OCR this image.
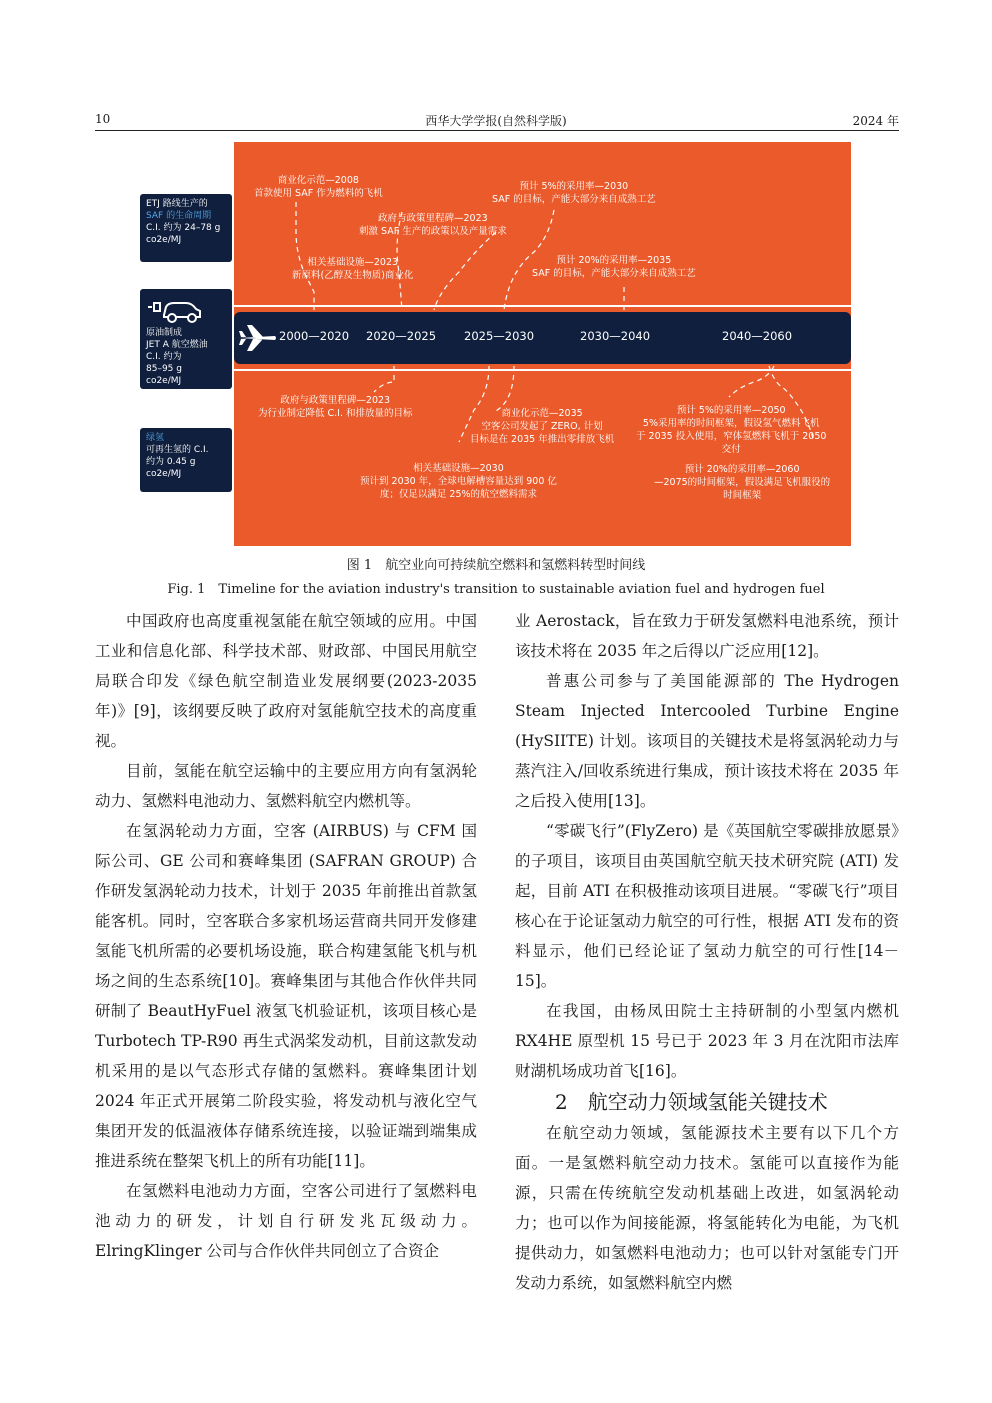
10	西华大学学报(自然科学版)	2024 年
ETJ 路线生产的
SAF 的生命周期
C.I. 约为 24–78 g
co2e/MJ
原油制成
JET A 航空燃油
C.I. 约为
85–95 g
co2e/MJ
绿氢
可再生氢的 C.I.
约为 0.45 g
co2e/MJ
商业化示范—2008
首款使用 SAF 作为燃料的飞机
政府与政策里程碑—2023
刺激 SAF 生产的政策以及产量需求
相关基础设施—2023
新原料(乙醇及生物质)商业化
预计 5%的采用率—2030
SAF 的目标，产能大部分来自成熟工艺
预计 20%的采用率—2035
SAF 的目标，产能大部分来自成熟工艺
2000—2020 2020—2025 2025—2030	2030—2040	2040—2060
政府与政策里程碑—2023
为行业制定降低 C.I. 和排放量的目标	商业化示范—2035
空客公司发起了 ZERO, 计划
目标是在 2035 年推出零排放飞机
相关基础设施—2030
预计到 2030 年，全球电解槽容量达到 900 亿
度；仅足以满足 25%的航空燃料需求
预计 5%的采用率—2050
5%采用率的时间框架，假设氢气燃料飞机
于 2035 投入使用，窄体氢燃料飞机于 2050
交付
预计 20%的采用率—2060
—2075的时间框架，假设满足飞机服役的
时间框架
图 1　航空业向可持续航空燃料和氢燃料转型时间线
Fig. 1　Timeline for the aviation industry's transition to sustainable aviation fuel and hydrogen fuel

中国政府也高度重视氢能在航空领域的应用。中国工业和信息化部、科学技术部、财政部、中国民用航空局联合印发《绿色航空制造业发展纲要(2023-2035 年)》[9]，该纲要反映了政府对氢能航空技术的高度重视。

目前，氢能在航空运输中的主要应用方向有氢涡轮动力、氢燃料电池动力、氢燃料航空内燃机等。

在氢涡轮动力方面，空客 (AIRBUS) 与 CFM 国际公司、GE 公司和赛峰集团 (SAFRAN GROUP) 合作研发氢涡轮动力技术，计划于 2035 年前推出首款氢能客机。同时，空客联合多家机场运营商共同开发修建氢能飞机所需的必要机场设施，联合构建氢能飞机与机场之间的生态系统[10]。赛峰集团与其他合作伙伴共同研制了 BeautHyFuel 液氢飞机验证机，该项目核心是 Turbotech TP-R90 再生式涡桨发动机，目前这款发动机采用的是以气态形式存储的氢燃料。赛峰集团计划 2024 年正式开展第二阶段实验，将发动机与液化空气集团开发的低温液体存储系统连接，以验证端到端集成推进系统在整架飞机上的所有功能[11]。

在氢燃料电池动力方面，空客公司进行了氢燃料电池动力的研发，计划自行研发兆瓦级动力。ElringKlinger 公司与合作伙伴共同创立了合资企

业 Aerostack，旨在致力于研发氢燃料电池系统，预计该技术将在 2035 年之后得以广泛应用[12]。

普惠公司参与了美国能源部的 The Hydrogen Steam Injected Intercooled Turbine Engine (HySIITE) 计划。该项目的关键技术是将氢涡轮动力与蒸汽注入/回收系统进行集成，预计该技术将在 2035 年之后投入使用[13]。

“零碳飞行”(FlyZero) 是《英国航空零碳排放愿景》的子项目，该项目由英国航空航天技术研究院 (ATI) 发起，目前 ATI 在积极推动该项目进展。“零碳飞行”项目核心在于论证氢动力航空的可行性，根据 ATI 发布的资料显示，他们已经论证了氢动力航空的可行性[14－15]。

在我国，由杨凤田院士主持研制的小型氢内燃机 RX4HE 原型机 15 号已于 2023 年 3 月在沈阳市法库财湖机场成功首飞[16]。

2　航空动力领域氢能关键技术

在航空动力领域，氢能源技术主要有以下几个方面。一是氢燃料航空动力技术。氢能可以直接作为能源，只需在传统航空发动机基础上改进，如氢涡轮动力；也可以作为间接能源，将氢能转化为电能，为飞机提供动力，如氢燃料电池动力；也可以针对氢能专门开发动力系统，如氢燃料航空内燃
